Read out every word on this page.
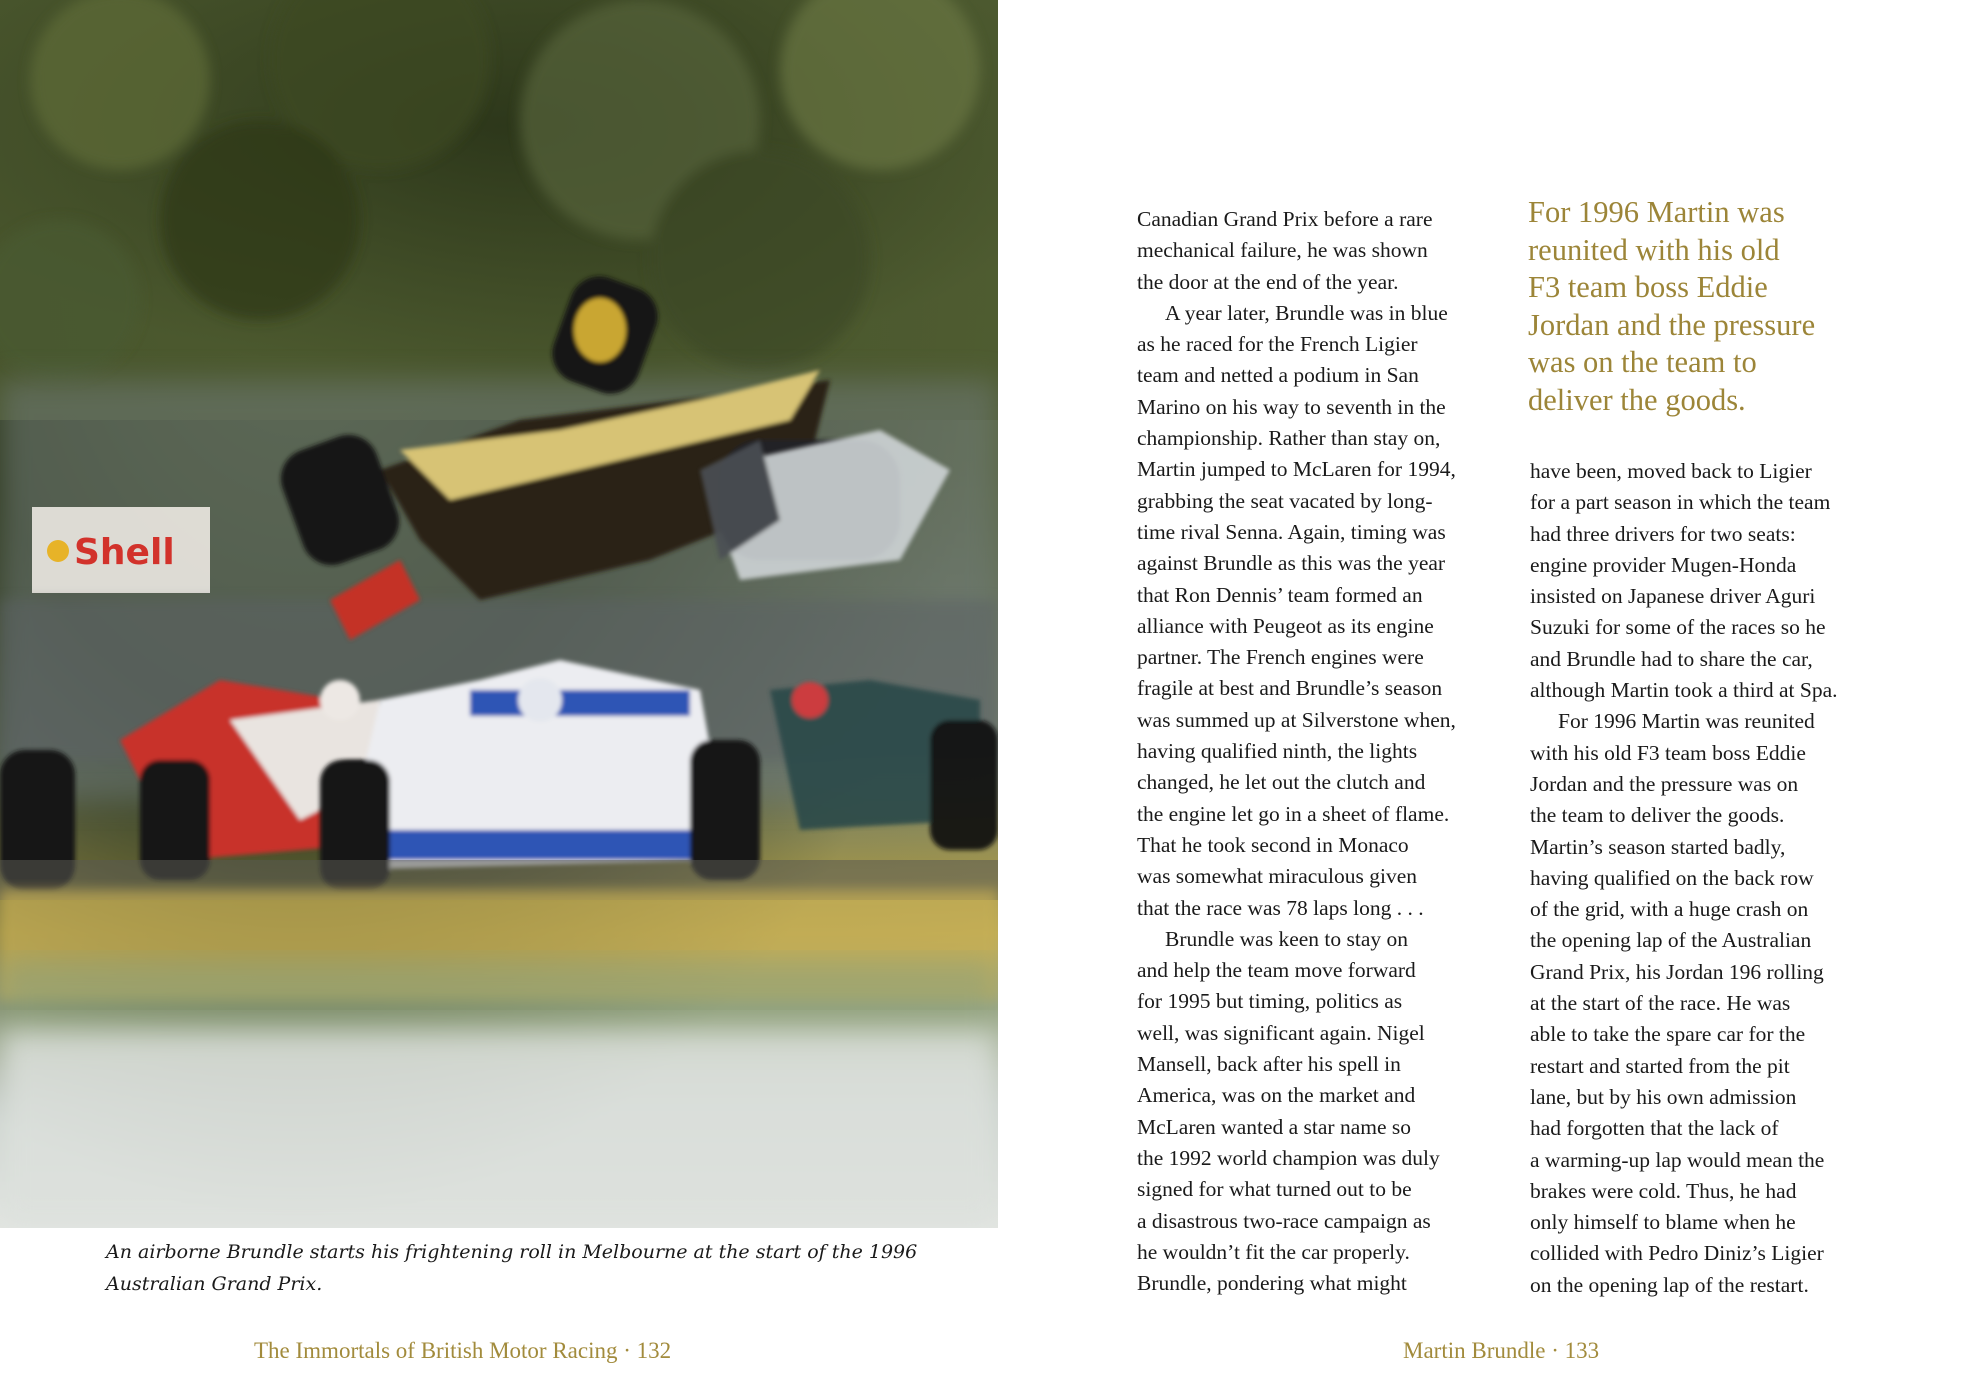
Shell
An airborne Brundle starts his frightening roll in Melbourne at the start of the 1996 Australian Grand Prix.
The Immortals of British Motor Racing · 132

Canadian Grand Prix before a rare
mechanical failure, he was shown
the door at the end of the year.

A year later, Brundle was in blue
as he raced for the French Ligier
team and netted a podium in San
Marino on his way to seventh in the
championship. Rather than stay on,
Martin jumped to McLaren for 1994,
grabbing the seat vacated by long-
time rival Senna. Again, timing was
against Brundle as this was the year
that Ron Dennis’ team formed an
alliance with Peugeot as its engine
partner. The French engines were
fragile at best and Brundle’s season
was summed up at Silverstone when,
having qualified ninth, the lights
changed, he let out the clutch and
the engine let go in a sheet of flame.
That he took second in Monaco
was somewhat miraculous given
that the race was 78 laps long . . .

Brundle was keen to stay on
and help the team move forward
for 1995 but timing, politics as
well, was significant again. Nigel
Mansell, back after his spell in
America, was on the market and
McLaren wanted a star name so
the 1992 world champion was duly
signed for what turned out to be
a disastrous two-race campaign as
he wouldn’t fit the car properly.
Brundle, pondering what might

For 1996 Martin was
reunited with his old
F3 team boss Eddie
Jordan and the pressure
was on the team to
deliver the goods.

have been, moved back to Ligier
for a part season in which the team
had three drivers for two seats:
engine provider Mugen-Honda
insisted on Japanese driver Aguri
Suzuki for some of the races so he
and Brundle had to share the car,
although Martin took a third at Spa.

For 1996 Martin was reunited
with his old F3 team boss Eddie
Jordan and the pressure was on
the team to deliver the goods.
Martin’s season started badly,
having qualified on the back row
of the grid, with a huge crash on
the opening lap of the Australian
Grand Prix, his Jordan 196 rolling
at the start of the race. He was
able to take the spare car for the
restart and started from the pit
lane, but by his own admission
had forgotten that the lack of
a warming-up lap would mean the
brakes were cold. Thus, he had
only himself to blame when he
collided with Pedro Diniz’s Ligier
on the opening lap of the restart.

Martin Brundle · 133
